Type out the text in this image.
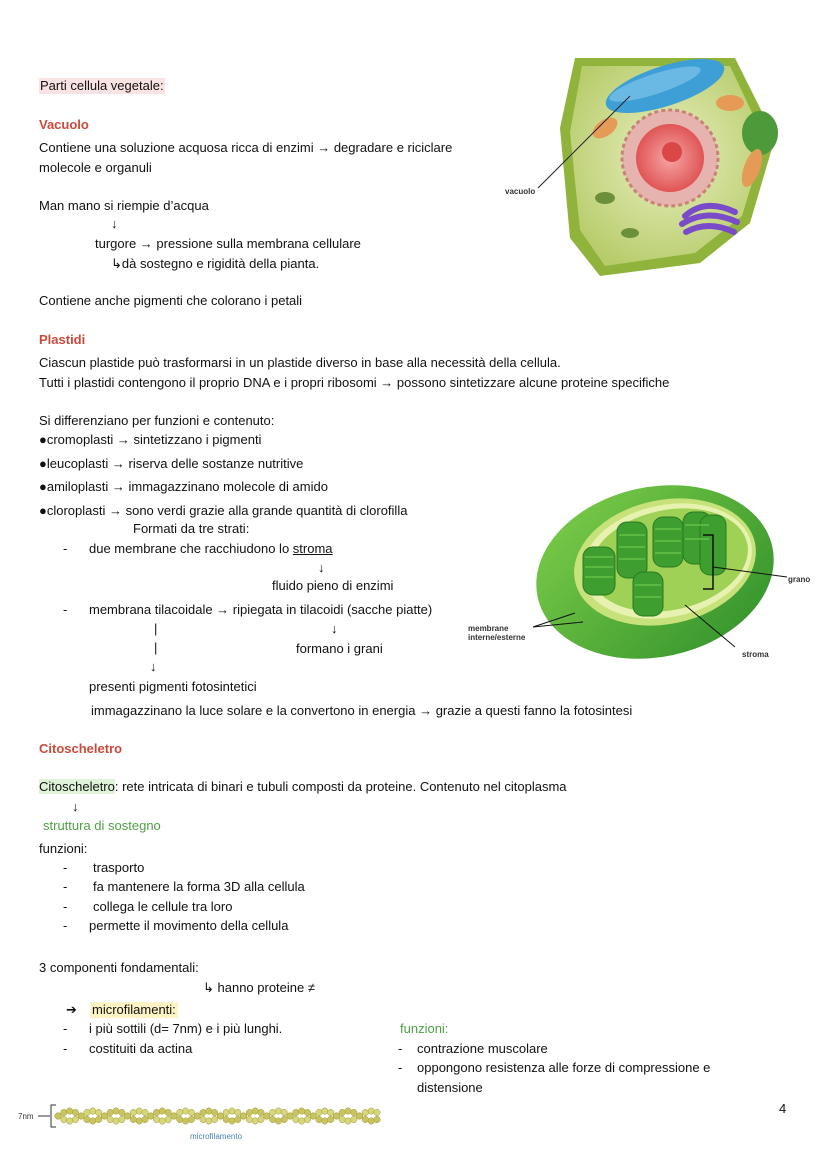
Parti cellula vegetale:
Vacuolo
Contiene una soluzione acquosa ricca di enzimi → degradare e riciclare
molecole e organuli
Man mano si riempie d’acqua
↓
turgore → pressione sulla membrana cellulare
↳dà sostegno e rigidità della pianta.
Contiene anche pigmenti che colorano i petali
vacuolo
Plastidi
Ciascun plastide può trasformarsi in un plastide diverso in base alla necessità della cellula.
Tutti i plastidi contengono il proprio DNA e i propri ribosomi → possono sintetizzare alcune proteine specifiche
Si differenziano per funzioni e contenuto:
●cromoplasti → sintetizzano i pigmenti
●leucoplasti → riserva delle sostanze nutritive
●amiloplasti → immagazzinano molecole di amido
●cloroplasti → sono verdi grazie alla grande quantità di clorofilla
Formati da tre strati:
- due membrane che racchiudono lo stroma
↓
fluido pieno di enzimi
- membrana tilacoidale → ripiegata in tilacoidi (sacche piatte)
|	↓
|	formano i grani
↓
presenti pigmenti fotosintetici
immagazzinano la luce solare e la convertono in energia → grazie a questi fanno la fotosintesi
grano
membrane
interne/esterne
stroma
Citoscheletro
Citoscheletro: rete intricata di binari e tubuli composti da proteine. Contenuto nel citoplasma
↓
struttura di sostegno
funzioni:
- trasporto
- fa mantenere la forma 3D alla cellula
- collega le cellule tra loro
- permette il movimento della cellula
3 componenti fondamentali:
↳ hanno proteine ≠
➔ microfilamenti:
- i più sottili (d= 7nm) e i più lunghi.
- costituiti da actina
funzioni:
- contrazione muscolare
- oppongono resistenza alle forze di compressione e
distensione
7nm
microfilamento
4
